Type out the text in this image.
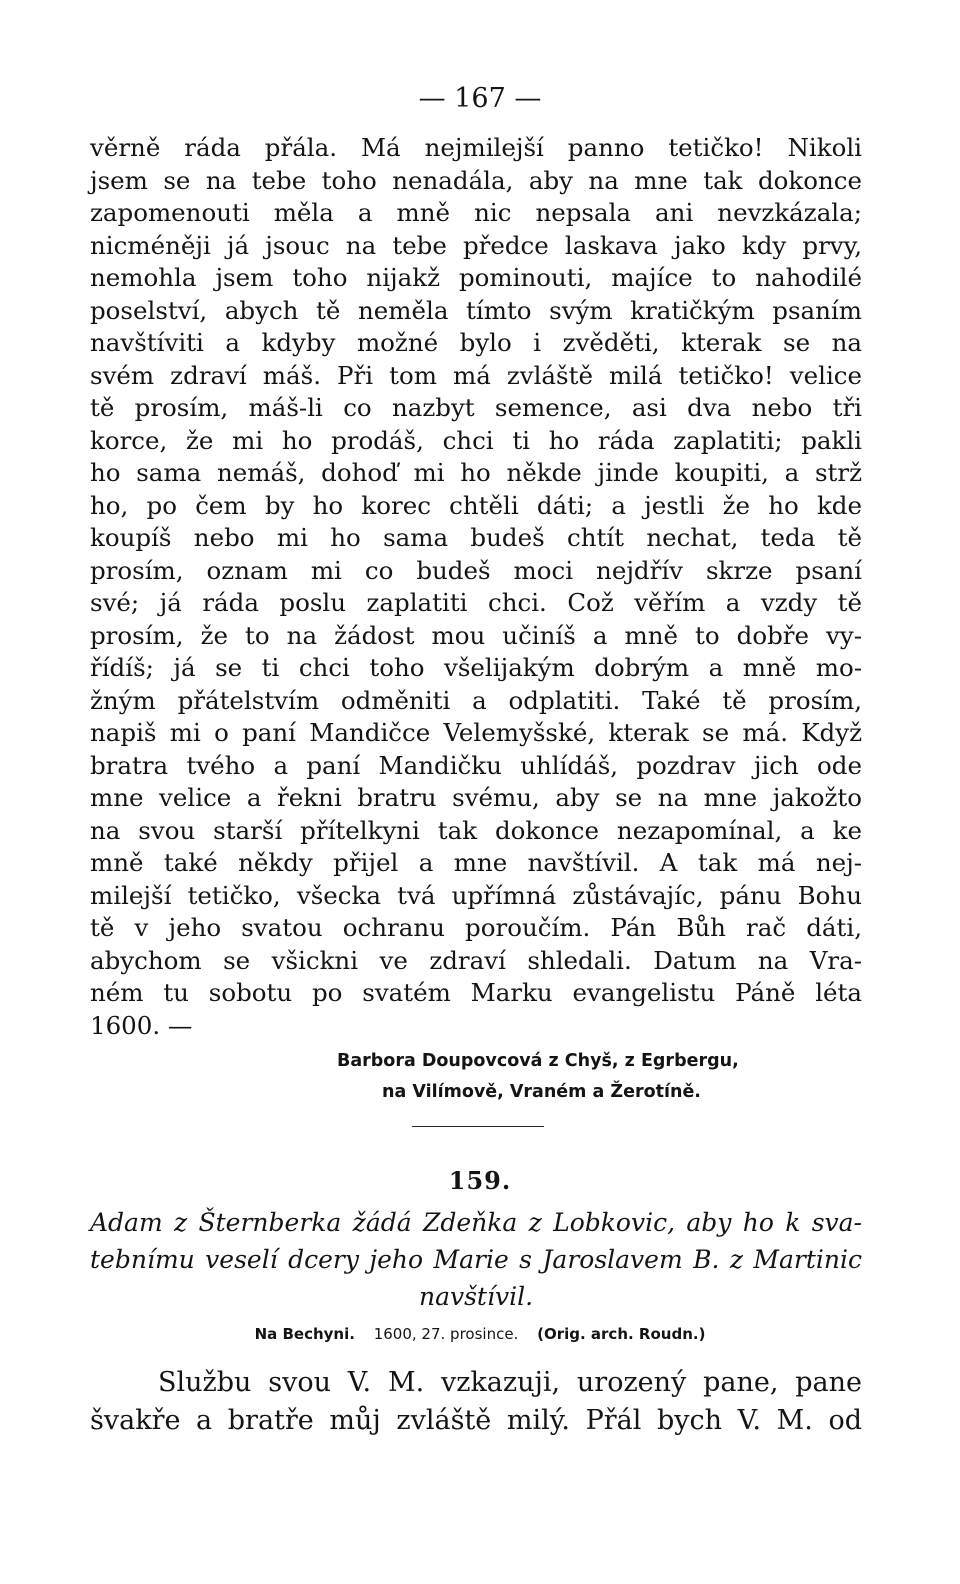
— 167 —
věrně ráda přála. Má nejmilejší panno tetičko! Nikoli
jsem se na tebe toho nenadála, aby na mne tak dokonce
zapomenouti měla a mně nic nepsala ani nevzkázala;
nicméněji já jsouc na tebe předce laskava jako kdy prvy,
nemohla jsem toho nijakž pominouti, majíce to nahodilé
poselství, abych tě neměla tímto svým kratičkým psaním
navštíviti a kdyby možné bylo i zvěděti, kterak se na
svém zdraví máš. Při tom má zvláště milá tetičko! velice
tě prosím, máš-li co nazbyt semence, asi dva nebo tři
korce, že mi ho prodáš, chci ti ho ráda zaplatiti; pakli
ho sama nemáš, dohoď mi ho někde jinde koupiti, a strž
ho, po čem by ho korec chtěli dáti; a jestli že ho kde
koupíš nebo mi ho sama budeš chtít nechat, teda tě
prosím, oznam mi co budeš moci nejdřív skrze psaní
své; já ráda poslu zaplatiti chci. Což věřím a vzdy tě
prosím, že to na žádost mou učiníš a mně to dobře vy-
řídíš; já se ti chci toho všelijakým dobrým a mně mo-
žným přátelstvím odměniti a odplatiti. Také tě prosím,
napiš mi o paní Mandičce Velemyšské, kterak se má. Když
bratra tvého a paní Mandičku uhlídáš, pozdrav jich ode
mne velice a řekni bratru svému, aby se na mne jakožto
na svou starší přítelkyni tak dokonce nezapomínal, a ke
mně také někdy přijel a mne navštívil. A tak má nej-
milejší tetičko, všecka tvá upřímná zůstávajíc, pánu Bohu
tě v jeho svatou ochranu poroučím. Pán Bůh rač dáti,
abychom se všickni ve zdraví shledali. Datum na Vra-
ném tu sobotu po svatém Marku evangelistu Páně léta
1600. —
Barbora Doupovcová z Chyš, z Egrbergu,
na Vilímově, Vraném a Žerotíně.
159.
Adam z Šternberka žádá Zdeňka z Lobkovic, aby ho k sva-
tebnímu veselí dcery jeho Marie s Jaroslavem B. z Martinic
navštívil.
Na Bechyni. 1600, 27. prosince. (Orig. arch. Roudn.)
Službu svou V. M. vzkazuji, urozený pane, pane
švakře a bratře můj zvláště milý. Přál bych V. M. od
